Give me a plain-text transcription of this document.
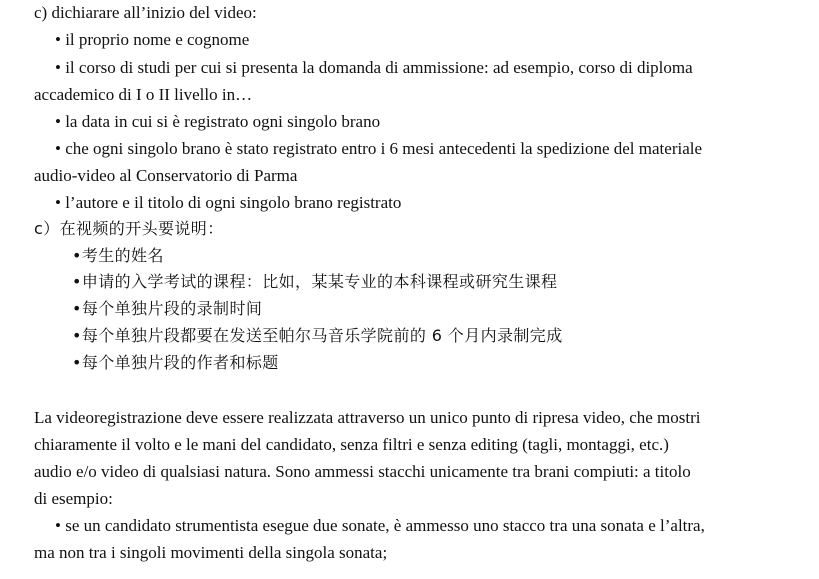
c) dichiarare all’inizio del video:
• il proprio nome e cognome
• il corso di studi per cui si presenta la domanda di ammissione: ad esempio, corso di diploma
accademico di I o II livello in…
• la data in cui si è registrato ogni singolo brano
• che ogni singolo brano è stato registrato entro i 6 mesi antecedenti la spedizione del materiale
audio-video al Conservatorio di Parma
• l’autore e il titolo di ogni singolo brano registrato
c）在视频的开头要说明：
•考生的姓名
•申请的入学考试的课程：比如，某某专业的本科课程或研究生课程
•每个单独片段的录制时间
•每个单独片段都要在发送至帕尔马音乐学院前的 6 个月内录制完成
•每个单独片段的作者和标题
La videoregistrazione deve essere realizzata attraverso un unico punto di ripresa video, che mostri
chiaramente il volto e le mani del candidato, senza filtri e senza editing (tagli, montaggi, etc.)
audio e/o video di qualsiasi natura. Sono ammessi stacchi unicamente tra brani compiuti: a titolo
di esempio:
• se un candidato strumentista esegue due sonate, è ammesso uno stacco tra una sonata e l’altra,
ma non tra i singoli movimenti della singola sonata;
